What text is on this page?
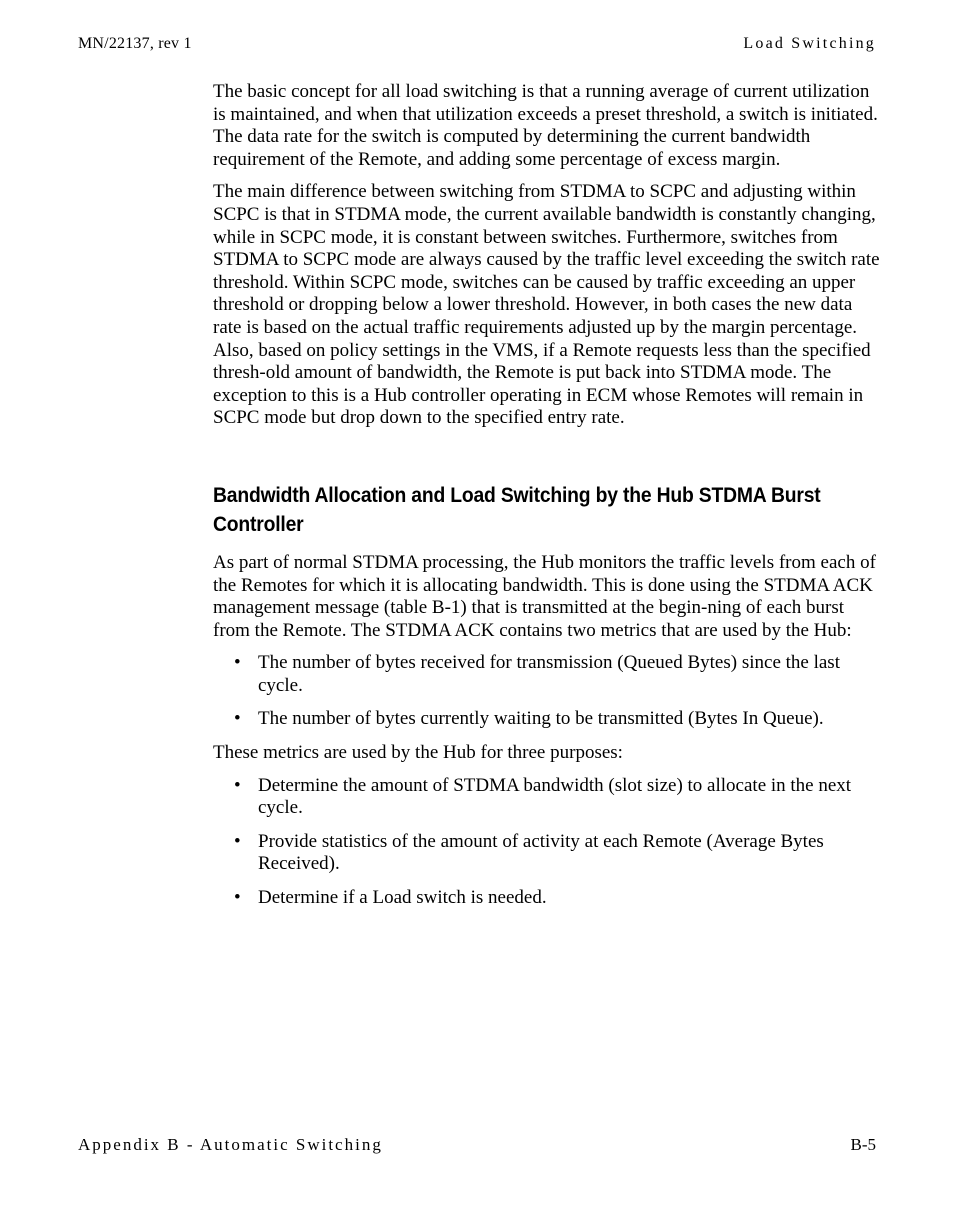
MN/22137, rev 1	Load Switching

The basic concept for all load switching is that a running average of current utilization is maintained, and when that utilization exceeds a preset threshold, a switch is initiated. The data rate for the switch is computed by determining the current bandwidth requirement of the Remote, and adding some percentage of excess margin.

The main difference between switching from STDMA to SCPC and adjusting within SCPC is that in STDMA mode, the current available bandwidth is constantly changing, while in SCPC mode, it is constant between switches. Furthermore, switches from STDMA to SCPC mode are always caused by the traffic level exceeding the switch rate threshold. Within SCPC mode, switches can be caused by traffic exceeding an upper threshold or dropping below a lower threshold. However, in both cases the new data rate is based on the actual traffic requirements adjusted up by the margin percentage. Also, based on policy settings in the VMS, if a Remote requests less than the specified thresh-old amount of bandwidth, the Remote is put back into STDMA mode. The exception to this is a Hub controller operating in ECM whose Remotes will remain in SCPC mode but drop down to the specified entry rate.

Bandwidth Allocation and Load Switching by the Hub STDMA Burst Controller

As part of normal STDMA processing, the Hub monitors the traffic levels from each of the Remotes for which it is allocating bandwidth. This is done using the STDMA ACK management message (table B-1) that is transmitted at the begin-ning of each burst from the Remote. The STDMA ACK contains two metrics that are used by the Hub:

• The number of bytes received for transmission (Queued Bytes) since the last cycle.
• The number of bytes currently waiting to be transmitted (Bytes In Queue).

These metrics are used by the Hub for three purposes:

• Determine the amount of STDMA bandwidth (slot size) to allocate in the next cycle.
• Provide statistics of the amount of activity at each Remote (Average Bytes Received).
• Determine if a Load switch is needed.
Appendix B - Automatic Switching	B-5
